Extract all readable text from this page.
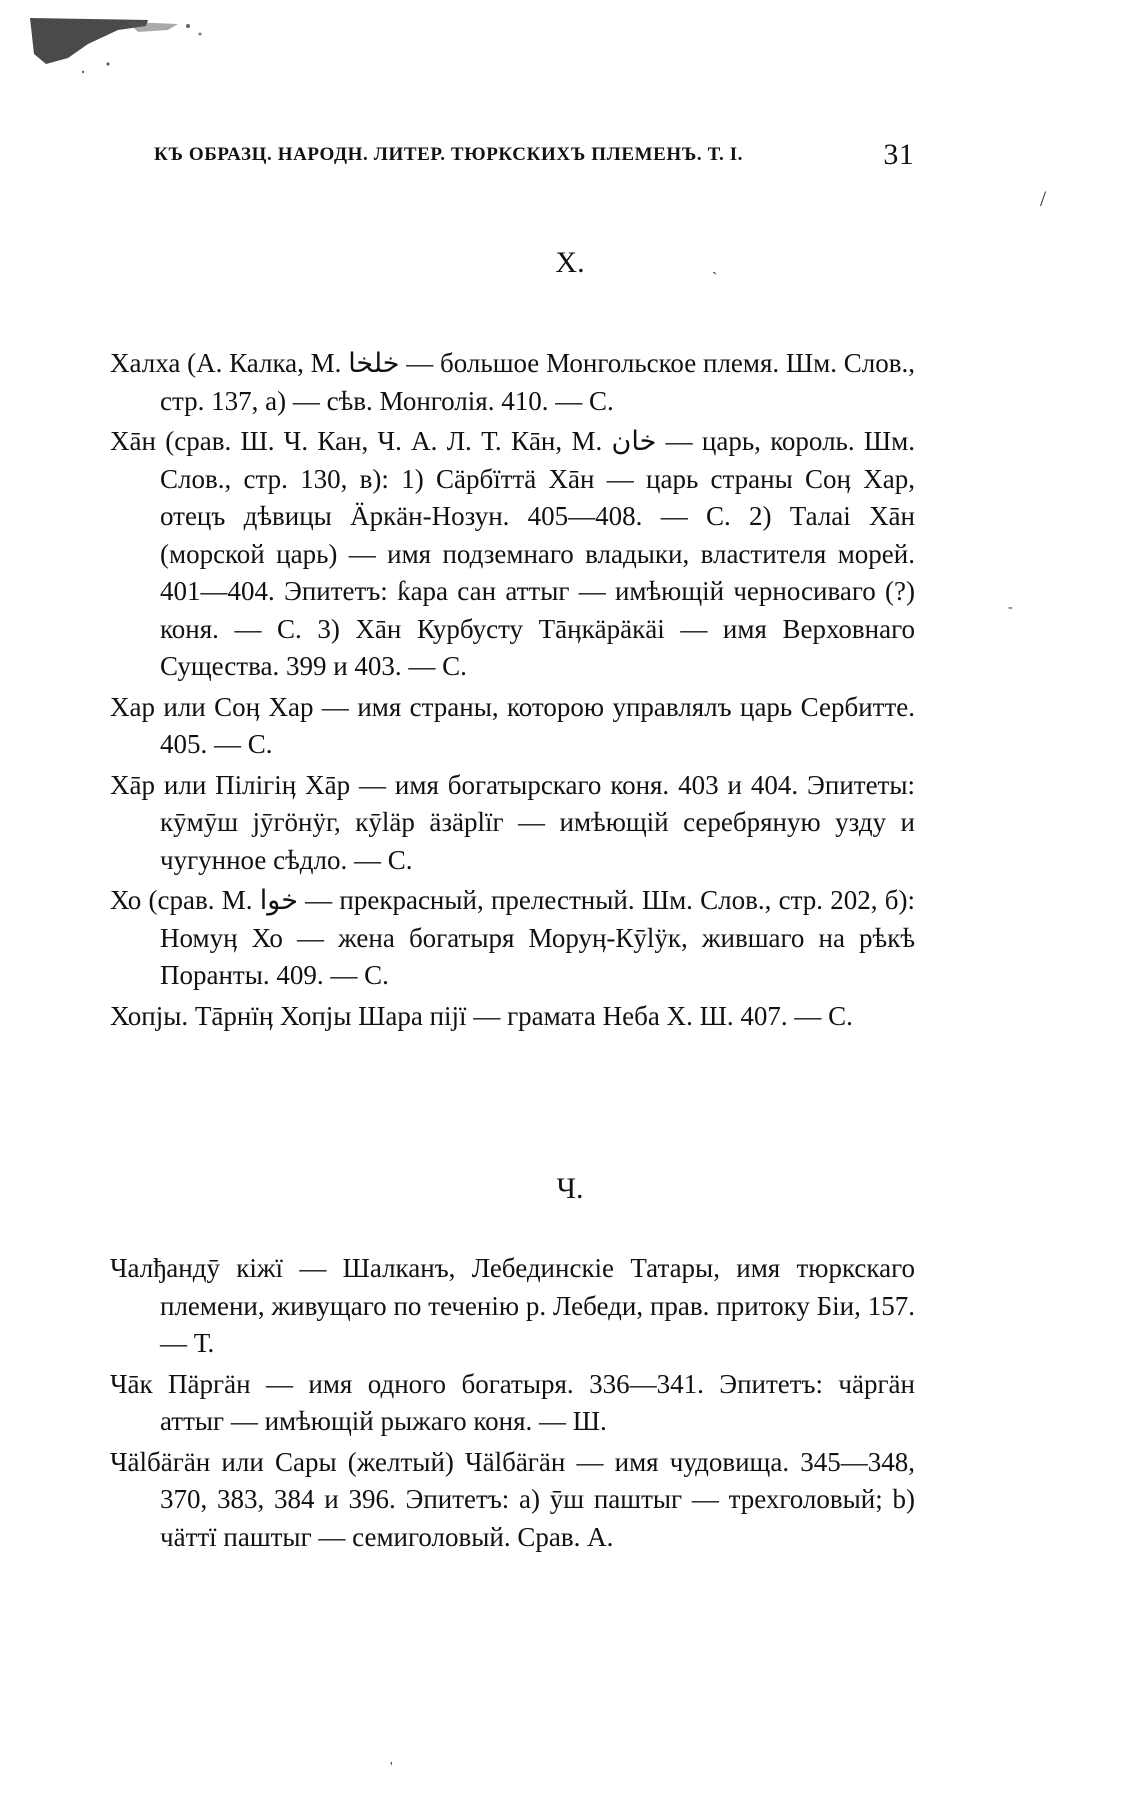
КЪ ОБРАЗЦ. НАРОДН. ЛИТЕР. ТЮРКСКИХЪ ПЛЕМЕНЪ. Т. I.	31
Х.

Халха (А. Калка, М. ﺧﻠﺨﺎ — большое Монгольское племя. Шм. Слов., стр. 137, а) — сѣв. Монголія. 410. — С.

Хāн (срав. Ш. Ч. Кан, Ч. А. Л. Т. Кāн, М. ﺧﺎﻥ — царь, король. Шм. Слов., стр. 130, в): 1) Сäрбïттä Хāн — царь страны Соӊ Хар, отецъ дѣвицы Äркäн-Нозун. 405—408. — С. 2) Талаі Хāн (морской царь) — имя подземнаго владыки, властителя морей. 401—404. Эпитетъ: ƙара сан аттыг — имѣющій черносиваго (?) коня. — С. 3) Хāн Курбусту Тāӊкäрäкäі — имя Верховнаго Существа. 399 и 403. — С.

Хар или Соӊ Хар — имя страны, которою управлялъ царь Сербитте. 405. — С.

Хāр или Пiлiгiӊ Хāр — имя богатырскаго коня. 403 и 404. Эпитеты: кӯмӯш јӯгӧнӱг, кӯläр äзäрlïг — имѣющій серебряную узду и чугунное сѣдло. — С.

Хо (срав. М. ﺧﻮﺍ — прекрасный, прелестный. Шм. Слов., стр. 202, б): Номуӊ Хо — жена богатыря Моруӊ-Кӯlӱк, жившаго на рѣкѣ Поранты. 409. — С.

Хопјы. Тāрнïӊ Хопјы Шара пiјï — грамата Неба Х. Ш. 407. — С.

Ч.

Чалђандӯ кiжï — Шалканъ, Лебединскіе Татары, имя тюркскаго племени, живущаго по теченію р. Лебеди, прав. притоку Біи, 157. — Т.

Чāк Пäргäн — имя одного богатыря. 336—341. Эпитетъ: чäргäн аттыг — имѣющій рыжаго коня. — Ш.

Чälбäгäн или Сары (желтый) Чälбäгäн — имя чудовища. 345—348, 370, 383, 384 и 396. Эпитетъ: а) ӯш паштыг — трехголовый; b) чäттï паштыг — семиголовый. Срав. А.

/
`
-
'
